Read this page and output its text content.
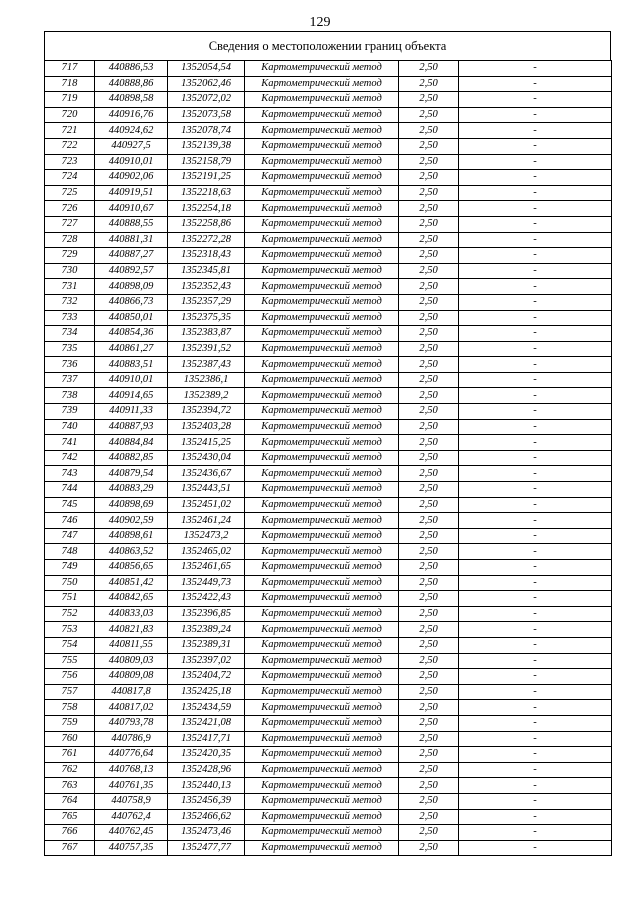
129
Сведения о местоположении границ объекта
717	440886,53	1352054,54	Картометрический метод	2,50	-
718	440888,86	1352062,46	Картометрический метод	2,50	-
719	440898,58	1352072,02	Картометрический метод	2,50	-
720	440916,76	1352073,58	Картометрический метод	2,50	-
721	440924,62	1352078,74	Картометрический метод	2,50	-
722	440927,5	1352139,38	Картометрический метод	2,50	-
723	440910,01	1352158,79	Картометрический метод	2,50	-
724	440902,06	1352191,25	Картометрический метод	2,50	-
725	440919,51	1352218,63	Картометрический метод	2,50	-
726	440910,67	1352254,18	Картометрический метод	2,50	-
727	440888,55	1352258,86	Картометрический метод	2,50	-
728	440881,31	1352272,28	Картометрический метод	2,50	-
729	440887,27	1352318,43	Картометрический метод	2,50	-
730	440892,57	1352345,81	Картометрический метод	2,50	-
731	440898,09	1352352,43	Картометрический метод	2,50	-
732	440866,73	1352357,29	Картометрический метод	2,50	-
733	440850,01	1352375,35	Картометрический метод	2,50	-
734	440854,36	1352383,87	Картометрический метод	2,50	-
735	440861,27	1352391,52	Картометрический метод	2,50	-
736	440883,51	1352387,43	Картометрический метод	2,50	-
737	440910,01	1352386,1	Картометрический метод	2,50	-
738	440914,65	1352389,2	Картометрический метод	2,50	-
739	440911,33	1352394,72	Картометрический метод	2,50	-
740	440887,93	1352403,28	Картометрический метод	2,50	-
741	440884,84	1352415,25	Картометрический метод	2,50	-
742	440882,85	1352430,04	Картометрический метод	2,50	-
743	440879,54	1352436,67	Картометрический метод	2,50	-
744	440883,29	1352443,51	Картометрический метод	2,50	-
745	440898,69	1352451,02	Картометрический метод	2,50	-
746	440902,59	1352461,24	Картометрический метод	2,50	-
747	440898,61	1352473,2	Картометрический метод	2,50	-
748	440863,52	1352465,02	Картометрический метод	2,50	-
749	440856,65	1352461,65	Картометрический метод	2,50	-
750	440851,42	1352449,73	Картометрический метод	2,50	-
751	440842,65	1352422,43	Картометрический метод	2,50	-
752	440833,03	1352396,85	Картометрический метод	2,50	-
753	440821,83	1352389,24	Картометрический метод	2,50	-
754	440811,55	1352389,31	Картометрический метод	2,50	-
755	440809,03	1352397,02	Картометрический метод	2,50	-
756	440809,08	1352404,72	Картометрический метод	2,50	-
757	440817,8	1352425,18	Картометрический метод	2,50	-
758	440817,02	1352434,59	Картометрический метод	2,50	-
759	440793,78	1352421,08	Картометрический метод	2,50	-
760	440786,9	1352417,71	Картометрический метод	2,50	-
761	440776,64	1352420,35	Картометрический метод	2,50	-
762	440768,13	1352428,96	Картометрический метод	2,50	-
763	440761,35	1352440,13	Картометрический метод	2,50	-
764	440758,9	1352456,39	Картометрический метод	2,50	-
765	440762,4	1352466,62	Картометрический метод	2,50	-
766	440762,45	1352473,46	Картометрический метод	2,50	-
767	440757,35	1352477,77	Картометрический метод	2,50	-
